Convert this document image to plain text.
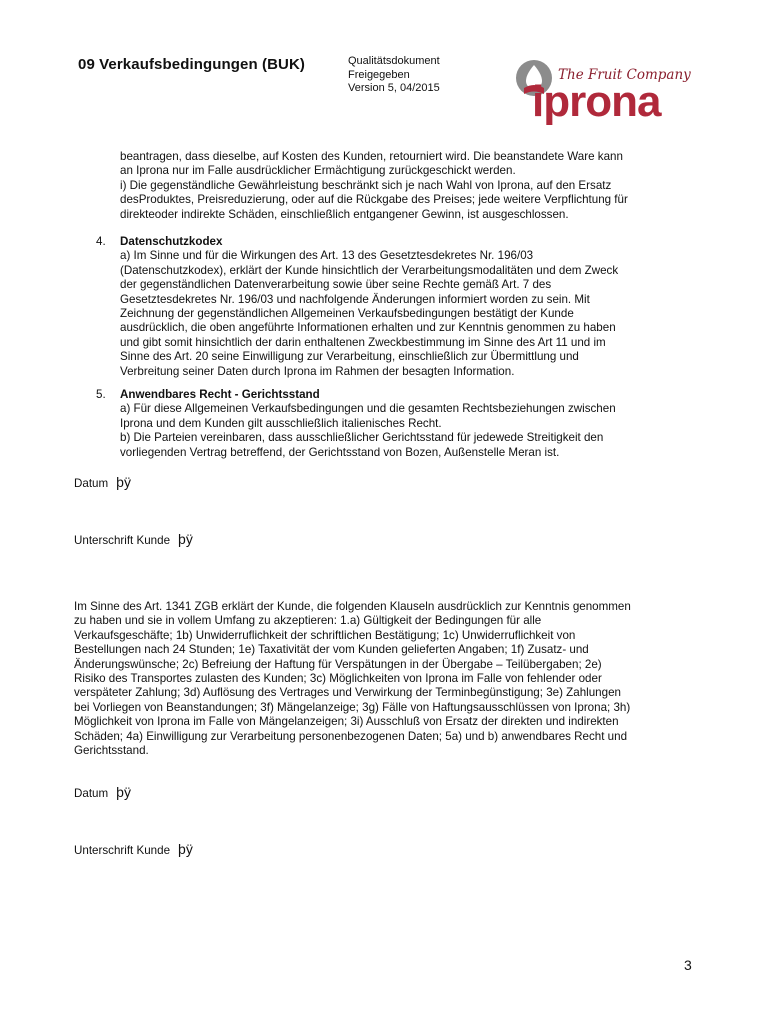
09 Verkaufsbedingungen (BUK)	Qualitätsdokument
Freigegeben
Version 5, 04/2015
The Fruit Company
iprona
beantragen, dass dieselbe, auf Kosten des Kunden, retourniert wird. Die beanstandete Ware kann
an Iprona nur im Falle ausdrücklicher Ermächtigung zurückgeschickt werden.
i) Die gegenständliche Gewährleistung beschränkt sich je nach Wahl von Iprona, auf den Ersatz
desProduktes, Preisreduzierung, oder auf die Rückgabe des Preises; jede weitere Verpflichtung für
direkteoder indirekte Schäden, einschließlich entgangener Gewinn, ist ausgeschlossen.
4. Datenschutzkodex
a) Im Sinne und für die Wirkungen des Art. 13 des Gesetztesdekretes Nr. 196/03
(Datenschutzkodex), erklärt der Kunde hinsichtlich der Verarbeitungsmodalitäten und dem Zweck
der gegenständlichen Datenverarbeitung sowie über seine Rechte gemäß Art. 7 des
Gesetztesdekretes Nr. 196/03 und nachfolgende Änderungen informiert worden zu sein. Mit
Zeichnung der gegenständlichen Allgemeinen Verkaufsbedingungen bestätigt der Kunde
ausdrücklich, die oben angeführte Informationen erhalten und zur Kenntnis genommen zu haben
und gibt somit hinsichtlich der darin enthaltenen Zweckbestimmung im Sinne des Art 11 und im
Sinne des Art. 20 seine Einwilligung zur Verarbeitung, einschließlich zur Übermittlung und
Verbreitung seiner Daten durch Iprona im Rahmen der besagten Information.
5. Anwendbares Recht - Gerichtsstand
a) Für diese Allgemeinen Verkaufsbedingungen und die gesamten Rechtsbeziehungen zwischen
Iprona und dem Kunden gilt ausschließlich italienisches Recht.
b) Die Parteien vereinbaren, dass ausschließlicher Gerichtsstand für jedewede Streitigkeit den
vorliegenden Vertrag betreffend, der Gerichtsstand von Bozen, Außenstelle Meran ist.
Datum þÿ
Unterschrift Kunde þÿ
Im Sinne des Art. 1341 ZGB erklärt der Kunde, die folgenden Klauseln ausdrücklich zur Kenntnis genommen
zu haben und sie in vollem Umfang zu akzeptieren: 1.a) Gültigkeit der Bedingungen für alle
Verkaufsgeschäfte; 1b) Unwiderruflichkeit der schriftlichen Bestätigung; 1c) Unwiderruflichkeit von
Bestellungen nach 24 Stunden; 1e) Taxativität der vom Kunden gelieferten Angaben; 1f) Zusatz- und
Änderungswünsche; 2c) Befreiung der Haftung für Verspätungen in der Übergabe – Teilübergaben; 2e)
Risiko des Transportes zulasten des Kunden; 3c) Möglichkeiten von Iprona im Falle von fehlender oder
verspäteter Zahlung; 3d) Auflösung des Vertrages und Verwirkung der Terminbegünstigung; 3e) Zahlungen
bei Vorliegen von Beanstandungen; 3f) Mängelanzeige; 3g) Fälle von Haftungsausschlüssen von Iprona; 3h)
Möglichkeit von Iprona im Falle von Mängelanzeigen; 3i) Ausschluß von Ersatz der direkten und indirekten
Schäden; 4a) Einwilligung zur Verarbeitung personenbezogenen Daten; 5a) und b) anwendbares Recht und
Gerichtsstand.
Datum þÿ
Unterschrift Kunde þÿ
3
